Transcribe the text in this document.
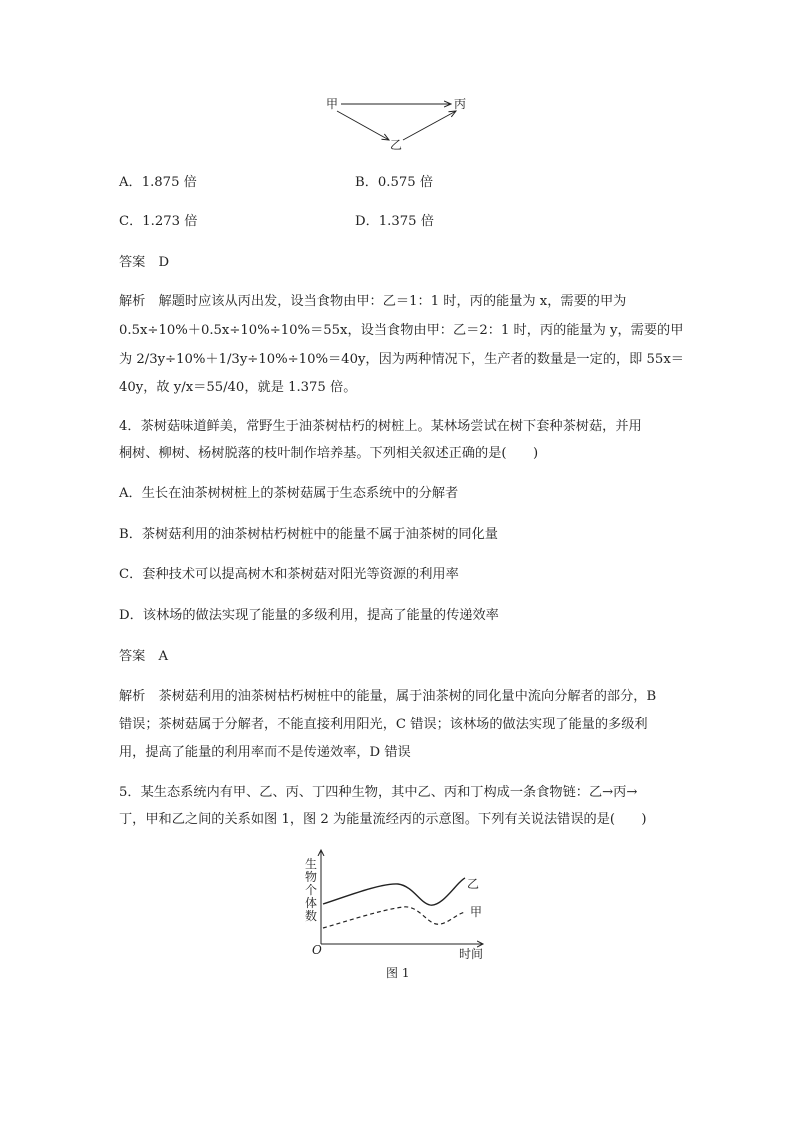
甲	丙
乙
A．1.875 倍	B．0.575 倍
C．1.273 倍	D．1.375 倍
答案　D
解析　解题时应该从丙出发，设当食物由甲：乙＝1：1 时，丙的能量为 x，需要的甲为
0.5x÷10%＋0.5x÷10%÷10%＝55x，设当食物由甲：乙＝2：1 时，丙的能量为 y，需要的甲
为 2/3y÷10%＋1/3y÷10%÷10%＝40y，因为两种情况下，生产者的数量是一定的，即 55x＝
40y，故 y/x＝55/40，就是 1.375 倍。
4．茶树菇味道鲜美，常野生于油茶树枯朽的树桩上。某林场尝试在树下套种茶树菇，并用
桐树、柳树、杨树脱落的枝叶制作培养基。下列相关叙述正确的是(　　)
A．生长在油茶树树桩上的茶树菇属于生态系统中的分解者
B．茶树菇利用的油茶树枯朽树桩中的能量不属于油茶树的同化量
C．套种技术可以提高树木和茶树菇对阳光等资源的利用率
D．该林场的做法实现了能量的多级利用，提高了能量的传递效率
答案　A
解析　茶树菇利用的油茶树枯朽树桩中的能量，属于油茶树的同化量中流向分解者的部分，B
错误；茶树菇属于分解者，不能直接利用阳光，C 错误；该林场的做法实现了能量的多级利
用，提高了能量的利用率而不是传递效率，D 错误
5．某生态系统内有甲、乙、丙、丁四种生物，其中乙、丙和丁构成一条食物链：乙→丙→
丁，甲和乙之间的关系如图 1，图 2 为能量流经丙的示意图。下列有关说法错误的是(　　)
生物个体数
O	时间
乙
甲
图 1
